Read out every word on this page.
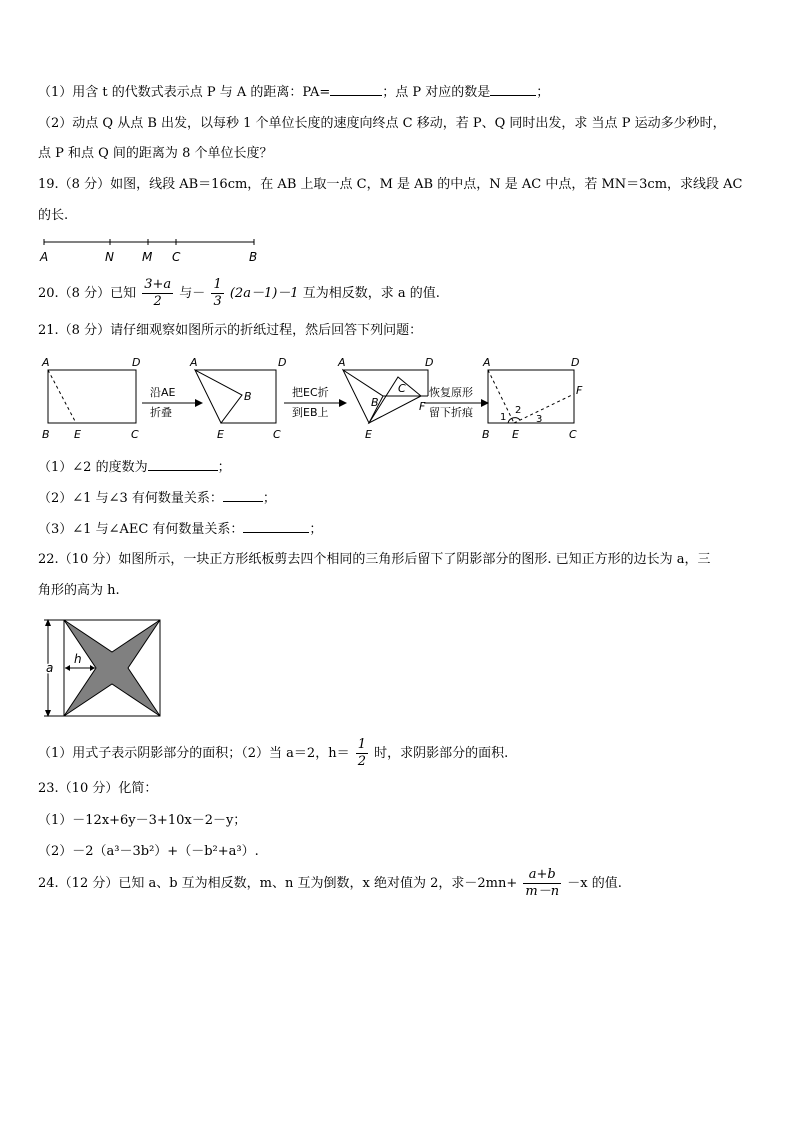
（1）用含 t 的代数式表示点 P 与 A 的距离：PA=	；点 P 对应的数是	；
（2）动点 Q 从点 B 出发，以每秒 1 个单位长度的速度向终点 C 移动，若 P、Q 同时出发，求 当点 P 运动多少秒时，
点 P 和点 Q 间的距离为 8 个单位长度？
19.（8 分）如图，线段 AB＝16cm，在 AB 上取一点 C，M 是 AB 的中点，N 是 AC 中点，若 MN＝3cm，求线段 AC
的长.
A	N M C	B
20.（8 分）已知 $\frac{3+a}{2}$ 与－ $\frac{1}{3} (2a-1)-1$ 互为相反数，求 a 的值.
21.（8 分）请仔细观察如图所示的折纸过程，然后回答下列问题：
A	D
B E	C
沿AE
折叠
A	D
B
E	C
把EC折
到EB上
A	D
B
C
F
E
恢复原形
留下折痕
A	D
F
B E	C
1
2
3
（1）∠2 的度数为	；
（2）∠1 与∠3 有何数量关系：	；
（3）∠1 与∠AEC 有何数量关系：	；
22.（10 分）如图所示，一块正方形纸板剪去四个相同的三角形后留下了阴影部分的图形. 已知正方形的边长为 a，三
角形的高为 h.
a
h
（1）用式子表示阴影部分的面积；（2）当 a＝2，$h= \frac{1}{2}$ 时，求阴影部分的面积.
23.（10 分）化简：
（1）－12x+6y－3+10x－2－y；
（2）－2（a³－3b²）+（－b²+a³）.
24.（12 分）已知 a、b 互为相反数，m、n 互为倒数，x 绝对值为 2，求$-2mn+ \frac{a+b}{m-n} -x$ 的值.
